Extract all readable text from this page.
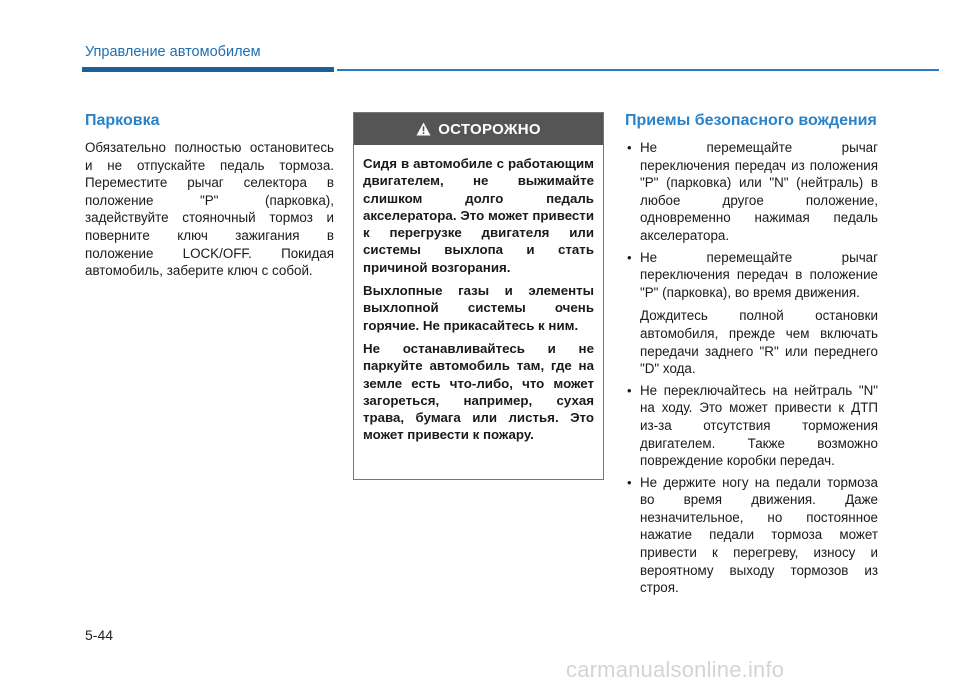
Управление автомобилем
Парковка

Обязательно полностью остановитесь и не отпускайте педаль тормоза. Переместите рычаг селектора в положение "P" (парковка), задействуйте стояночный тормоз и поверните ключ зажигания в положение LOCK/OFF. Покидая автомобиль, заберите ключ с собой.

ОСТОРОЖНО

Сидя в автомобиле с работающим двигателем, не выжимайте слишком долго педаль акселератора. Это может привести к перегрузке двигателя или системы выхлопа и стать причиной возгорания.

Выхлопные газы и элементы выхлопной системы очень горячие. Не прикасайтесь к ним.

Не останавливайтесь и не паркуйте автомобиль там, где на земле есть что-либо, что может загореться, например, сухая трава, бумага или листья. Это может привести к пожару.

Приемы безопасного вождения

• Не перемещайте рычаг переключения передач из положения "P" (парковка) или "N" (нейтраль) в любое другое положение, одновременно нажимая педаль акселератора.

• Не перемещайте рычаг переключения передач в положение "P" (парковка), во время движения.

Дождитесь полной остановки автомобиля, прежде чем включать передачи заднего "R" или переднего "D" хода.

• Не переключайтесь на нейтраль "N" на ходу. Это может привести к ДТП из-за отсутствия торможения двигателем. Также возможно повреждение коробки передач.

• Не держите ногу на педали тормоза во время движения. Даже незначительное, но постоянное нажатие педали тормоза может привести к перегреву, износу и вероятному выходу тормозов из строя.

5-44
carmanualsonline.info
